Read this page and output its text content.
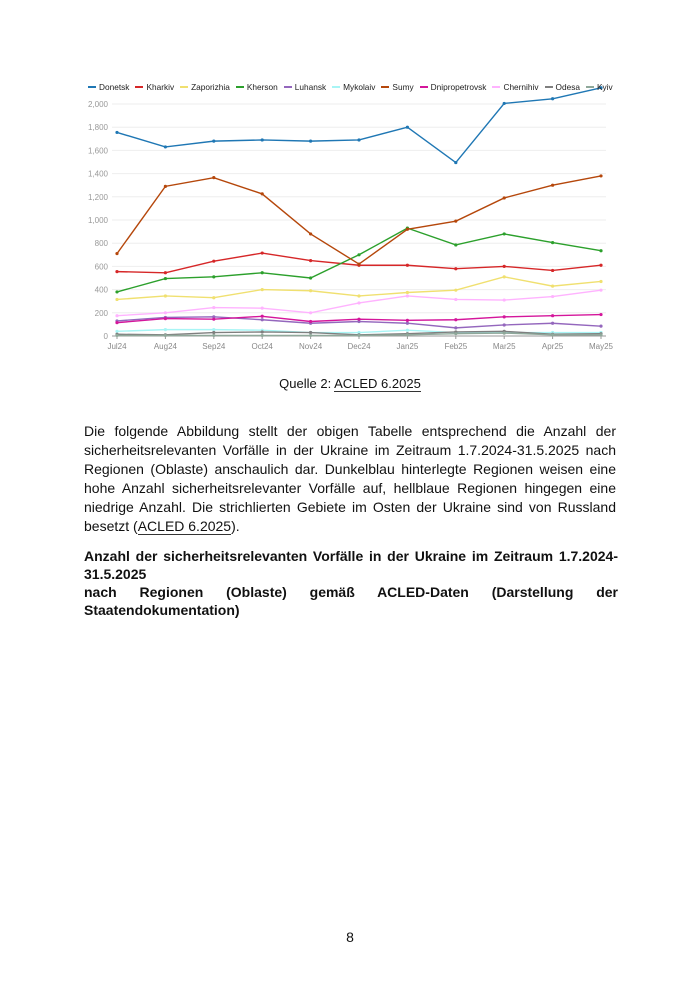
0
200
400
600
800
1,000
1,200
1,400
1,600
1,800
2,000
Jul24	Aug24	Sep24	Oct24	Nov24	Dec24	Jan25	Feb25	Mar25	Apr25	May25
Donetsk Kharkiv Zaporizhia Kherson Luhansk Mykolaiv Sumy Dnipropetrovsk Chernihiv Odesa Kyiv
Quelle 2: ACLED 6.2025
Die folgende Abbildung stellt der obigen Tabelle entsprechend die Anzahl der sicherheitsrelevanten Vorfälle in der Ukraine im Zeitraum 1.7.2024-31.5.2025 nach Regionen (Oblaste) anschaulich dar. Dunkelblau hinterlegte Regionen weisen eine hohe Anzahl sicherheitsrelevanter Vorfälle auf, hellblaue Regionen hingegen eine niedrige Anzahl. Die strichlierten Gebiete im Osten der Ukraine sind von Russland besetzt (ACLED 6.2025).
Anzahl der sicherheitsrelevanten Vorfälle in der Ukraine im Zeitraum 1.7.2024-31.5.2025
nach Regionen (Oblaste) gemäß ACLED-Daten (Darstellung der Staatendokumentation)
8
